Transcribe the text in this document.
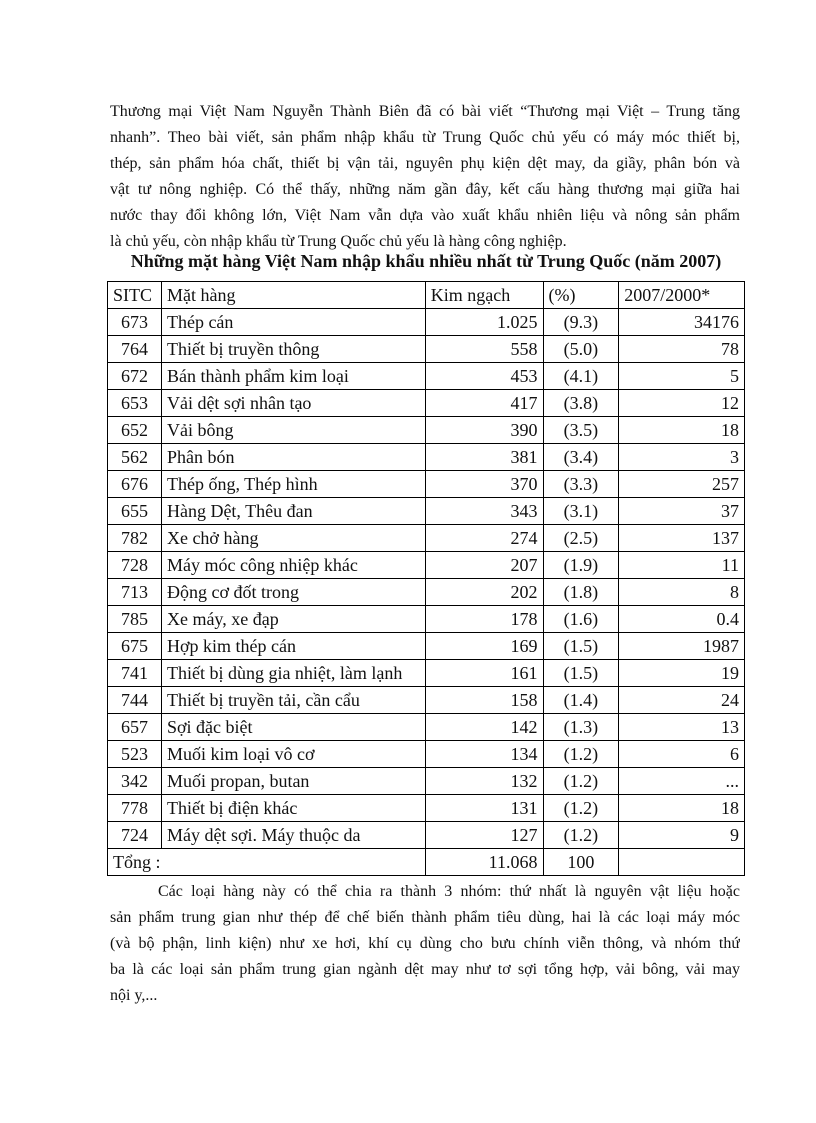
Thương mại Việt Nam Nguyễn Thành Biên đã có bài viết “Thương mại Việt – Trung tăng
nhanh”. Theo bài viết, sản phẩm nhập khẩu từ Trung Quốc chủ yếu có máy móc thiết bị,
thép, sản phẩm hóa chất, thiết bị vận tải, nguyên phụ kiện dệt may, da giầy, phân bón và
vật tư nông nghiệp. Có thể thấy, những năm gần đây, kết cấu hàng thương mại giữa hai
nước thay đổi không lớn, Việt Nam vẫn dựa vào xuất khẩu nhiên liệu và nông sản phẩm
là chủ yếu, còn nhập khẩu từ Trung Quốc chủ yếu là hàng công nghiệp.

Những mặt hàng Việt Nam nhập khẩu nhiều nhất từ Trung Quốc (năm 2007)

SITC	Mặt hàng	Kim ngạch	(%)	2007/2000*
673	Thép cán	1.025	(9.3)	34176
764	Thiết bị truyền thông	558	(5.0)	78
672	Bán thành phẩm kim loại	453	(4.1)	5
653	Vải dệt sợi nhân tạo	417	(3.8)	12
652	Vải bông	390	(3.5)	18
562	Phân bón	381	(3.4)	3
676	Thép ống, Thép hình	370	(3.3)	257
655	Hàng Dệt, Thêu đan	343	(3.1)	37
782	Xe chở hàng	274	(2.5)	137
728	Máy móc công nhiệp khác	207	(1.9)	11
713	Động cơ đốt trong	202	(1.8)	8
785	Xe máy, xe đạp	178	(1.6)	0.4
675	Hợp kim thép cán	169	(1.5)	1987
741	Thiết bị dùng gia nhiệt, làm lạnh	161	(1.5)	19
744	Thiết bị truyền tải, cần cẩu	158	(1.4)	24
657	Sợi đặc biệt	142	(1.3)	13
523	Muối kim loại vô cơ	134	(1.2)	6
342	Muối propan, butan	132	(1.2)	...
778	Thiết bị điện khác	131	(1.2)	18
724	Máy dệt sợi. Máy thuộc da	127	(1.2)	9
Tổng :		11.068	100	

Các loại hàng này có thể chia ra thành 3 nhóm: thứ nhất là nguyên vật liệu hoặc
sản phẩm trung gian như thép để chế biến thành phẩm tiêu dùng, hai là các loại máy móc
(và bộ phận, linh kiện) như xe hơi, khí cụ dùng cho bưu chính viễn thông, và nhóm thứ
ba là các loại sản phẩm trung gian ngành dệt may như tơ sợi tổng hợp, vải bông, vải may
nội y,...
